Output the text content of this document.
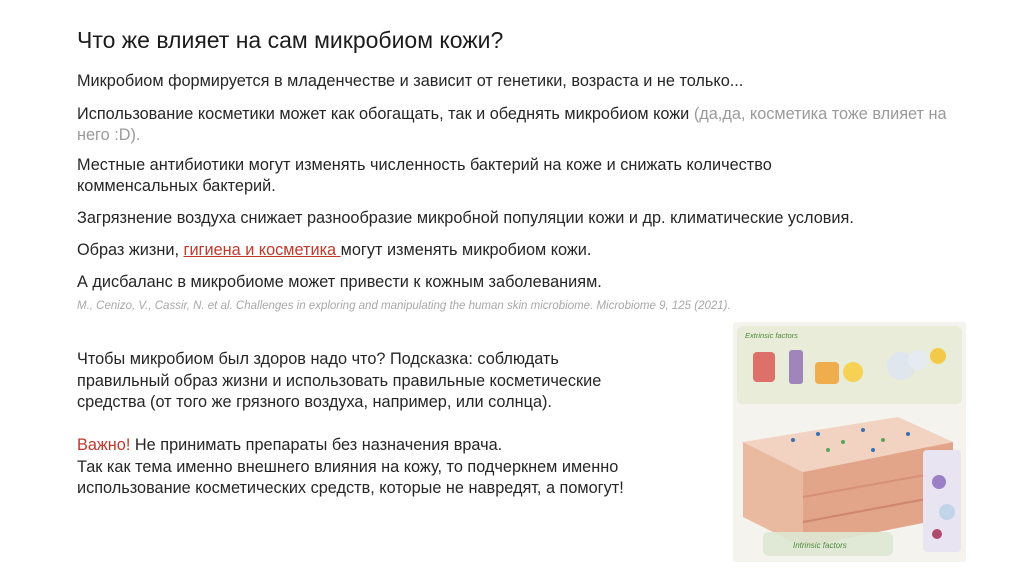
Что же влияет на сам микробиом кожи?
Микробиом формируется в младенчестве и зависит от генетики, возраста и не только...
Использование косметики может как обогащать, так и обеднять микробиом кожи (да,да, косметика тоже влияет на него :D).
Местные антибиотики могут изменять численность бактерий на коже и снижать количество комменсальных бактерий.
Загрязнение воздуха снижает разнообразие микробной популяции кожи и др. климатические условия.
Образ жизни, гигиена и косметика могут изменять микробиом кожи.
А дисбаланс в микробиоме может привести к кожным заболеваниям.
M., Cenizo, V., Cassir, N. et al. Challenges in exploring and manipulating the human skin microbiome. Microbiome 9, 125 (2021).
Чтобы микробиом был здоров надо что? Подсказка: соблюдать
правильный образ жизни и использовать правильные косметические
средства (от того же грязного воздуха, например, или солнца).
Важно! Не принимать препараты без назначения врача.
Так как тема именно внешнего влияния на кожу, то подчеркнем именно
использование косметических средств, которые не навредят, а помогут!
Extrinsic factors
Intrinsic factors
